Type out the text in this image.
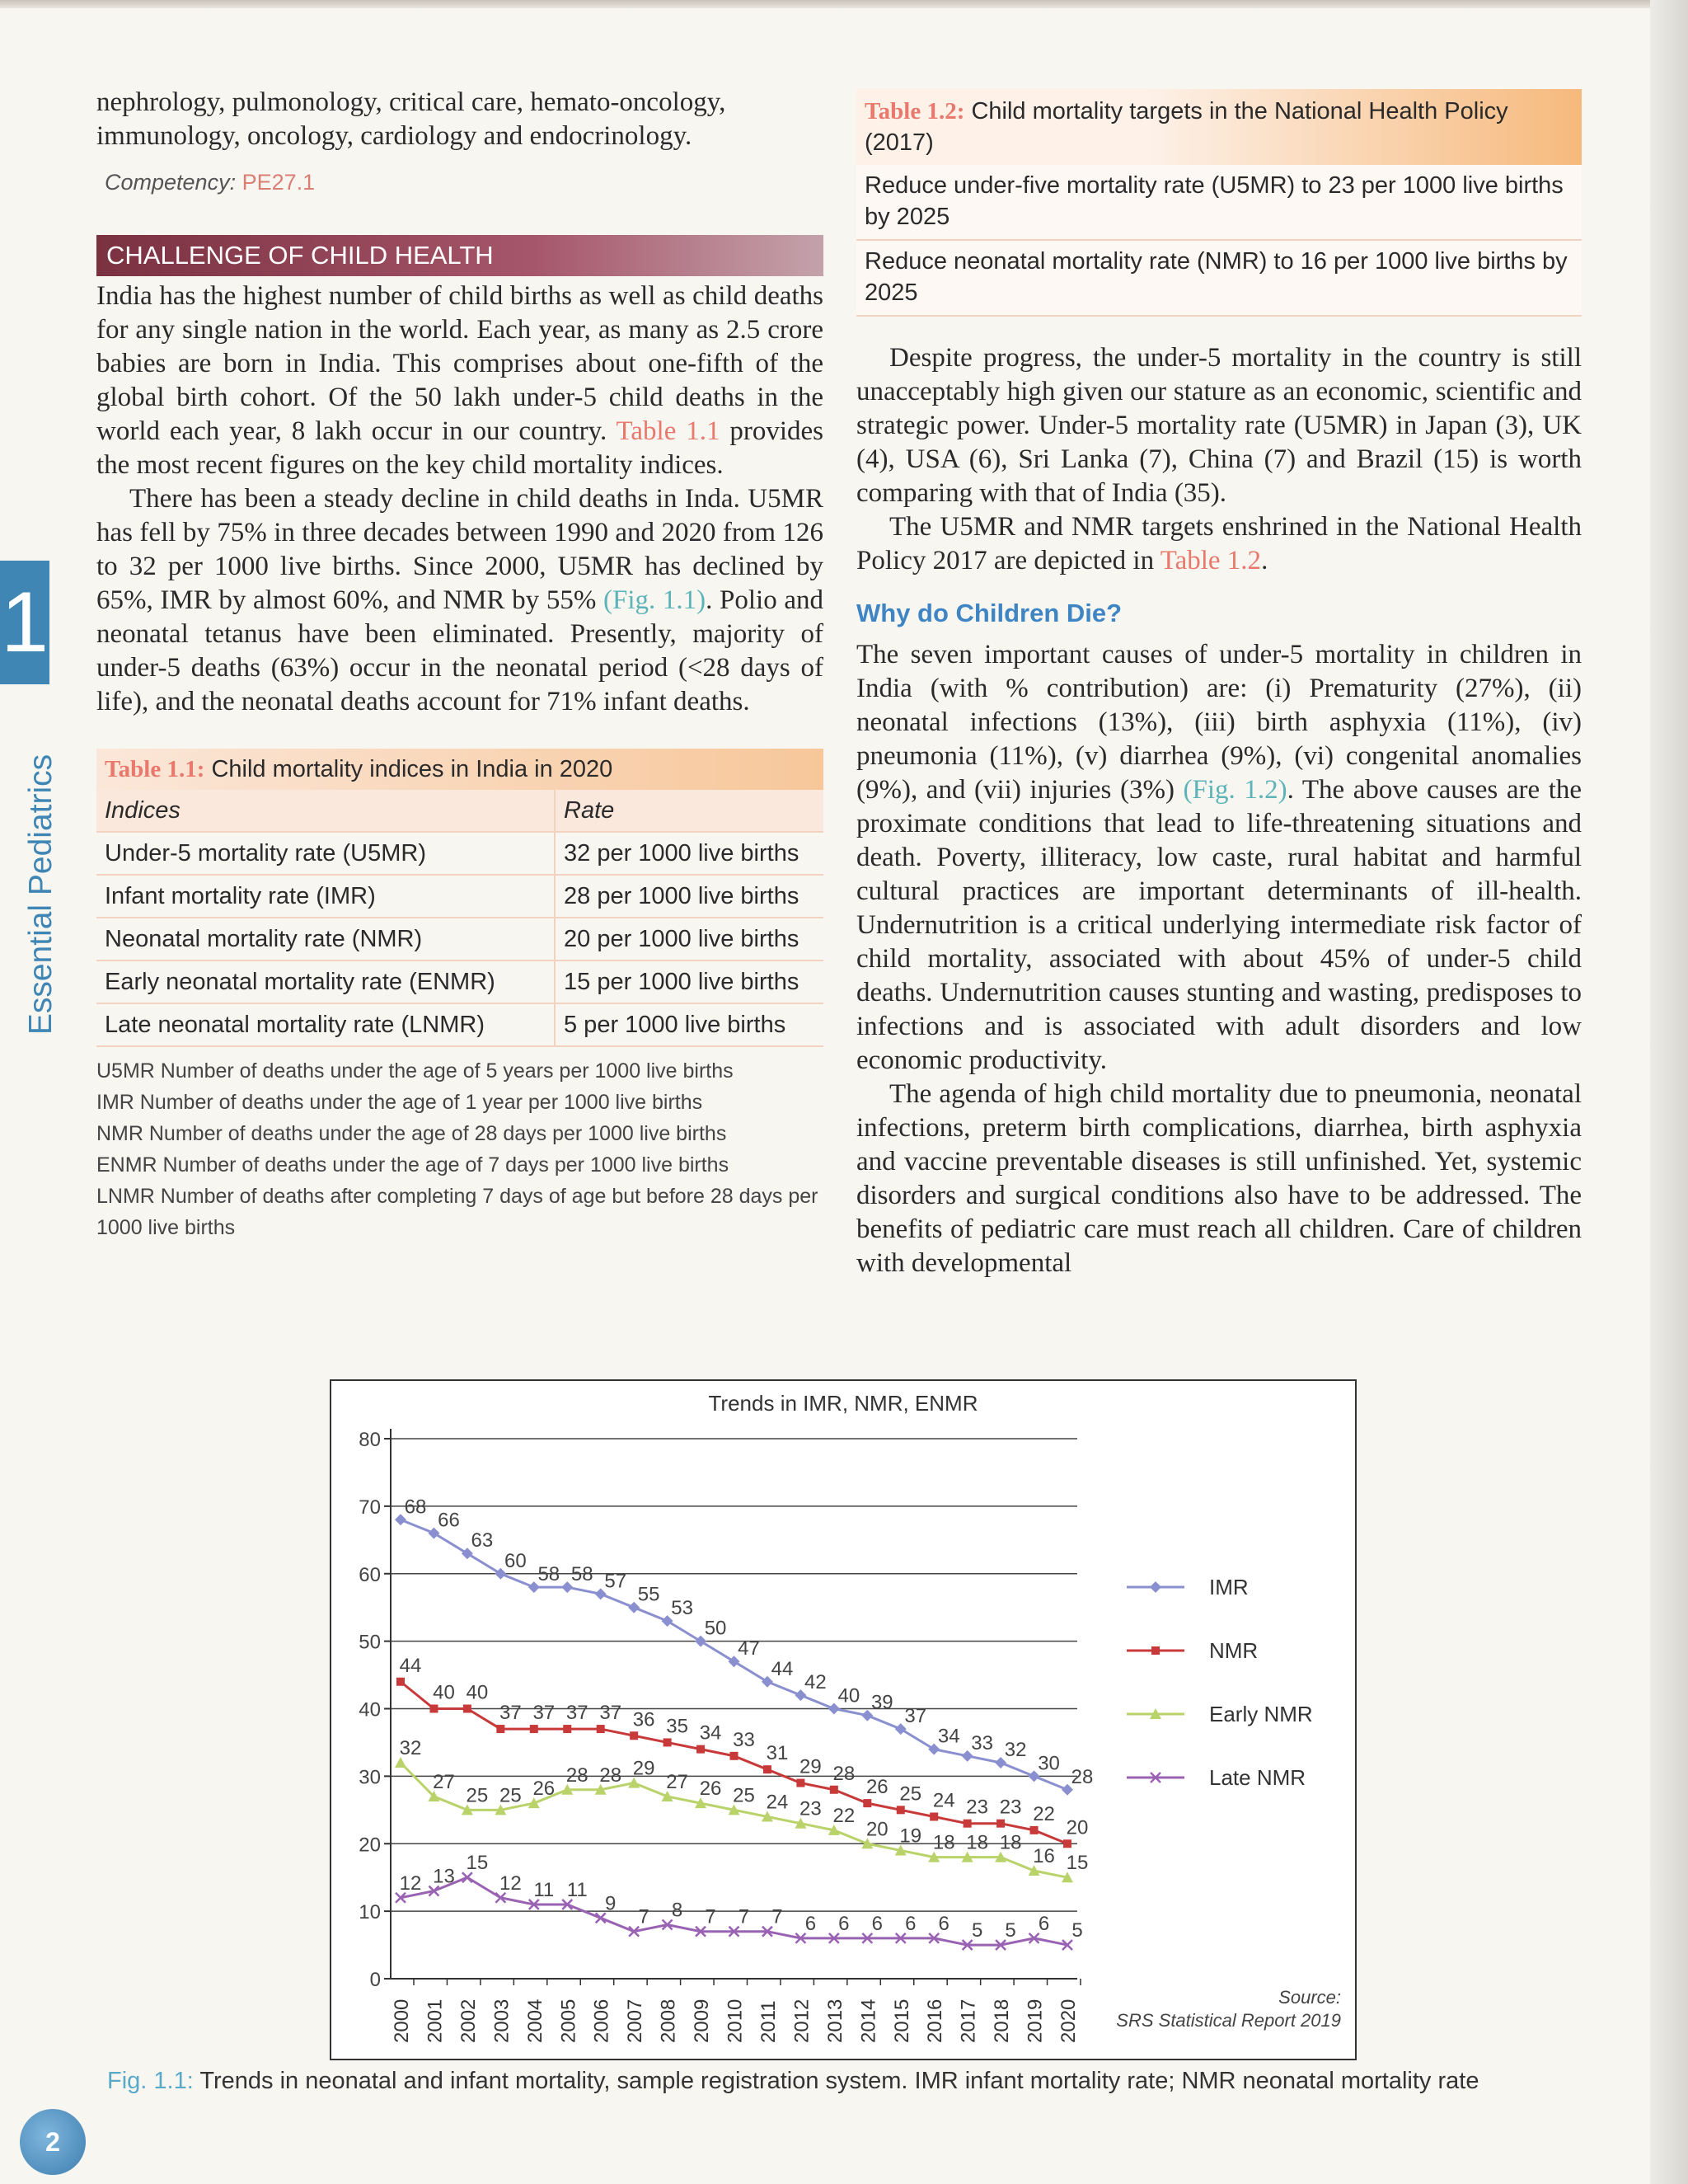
1
Essential Pediatrics

nephrology, pulmonology, critical care, hemato-oncology, immunology, oncology, cardiology and endocrinology.

Competency: PE27.1
CHALLENGE OF CHILD HEALTH

India has the highest number of child births as well as child deaths for any single nation in the world. Each year, as many as 2.5 crore babies are born in India. This comprises about one-fifth of the global birth cohort. Of the 50 lakh under-5 child deaths in the world each year, 8 lakh occur in our country. Table 1.1 provides the most recent figures on the key child mortality indices.

There has been a steady decline in child deaths in Inda. U5MR has fell by 75% in three decades between 1990 and 2020 from 126 to 32 per 1000 live births. Since 2000, U5MR has declined by 65%, IMR by almost 60%, and NMR by 55% (Fig. 1.1). Polio and neonatal tetanus have been eliminated. Presently, majority of under-5 deaths (63%) occur in the neonatal period (<28 days of life), and the neonatal deaths account for 71% infant deaths.

Table 1.1: Child mortality indices in India in 2020
Indices	Rate
Under-5 mortality rate (U5MR)	32 per 1000 live births
Infant mortality rate (IMR)	28 per 1000 live births
Neonatal mortality rate (NMR)	20 per 1000 live births
Early neonatal mortality rate (ENMR)	15 per 1000 live births
Late neonatal mortality rate (LNMR)	5 per 1000 live births

U5MR Number of deaths under the age of 5 years per 1000 live births

IMR Number of deaths under the age of 1 year per 1000 live births

NMR Number of deaths under the age of 28 days per 1000 live births

ENMR Number of deaths under the age of 7 days per 1000 live births

LNMR Number of deaths after completing 7 days of age but before 28 days per 1000 live births

Table 1.2: Child mortality targets in the National Health Policy (2017)
Reduce under-five mortality rate (U5MR) to 23 per 1000 live births by 2025
Reduce neonatal mortality rate (NMR) to 16 per 1000 live births by 2025

Despite progress, the under-5 mortality in the country is still unacceptably high given our stature as an economic, scientific and strategic power. Under-5 mortality rate (U5MR) in Japan (3), UK (4), USA (6), Sri Lanka (7), China (7) and Brazil (15) is worth comparing with that of India (35).

The U5MR and NMR targets enshrined in the National Health Policy 2017 are depicted in Table 1.2.

Why do Children Die?

The seven important causes of under-5 mortality in children in India (with % contribution) are: (i) Prematurity (27%), (ii) neonatal infections (13%), (iii) birth asphyxia (11%), (iv) pneumonia (11%), (v) diarrhea (9%), (vi) congenital anomalies (9%), and (vii) injuries (3%) (Fig. 1.2). The above causes are the proximate conditions that lead to life-threatening situations and death. Poverty, illiteracy, low caste, rural habitat and harmful cultural practices are important determinants of ill-health. Undernutrition is a critical underlying intermediate risk factor of child mortality, associated with about 45% of under-5 child deaths. Undernutrition causes stunting and wasting, predisposes to infections and is associated with adult disorders and low economic productivity.

The agenda of high child mortality due to pneumonia, neonatal infections, preterm birth complications, diarrhea, birth asphyxia and vaccine preventable diseases is still unfinished. Yet, systemic disorders and surgical conditions also have to be addressed. The benefits of pediatric care must reach all children. Care of children with developmental

Trends in IMR, NMR, ENMR
0
10
20
30
40
50
60
70
80
2000 2001 2002 2003 2004 2005 2006 2007 2008 2009 2010 2011 2012 2013 2014 2015 2016 2017 2018 2019 2020
68
66
63
60
58 58 57
55
53
50
47
44
42
40 39
37
34 33 32
30
28
44
40 40
37 37 37 37 36 35 34 33
31
29 28
26 25 24 23 23 22
20
32
27
25 25 26
28 28 29
27 26 25 24 23 22
20 19 18 18 18
16 15
12 13
15
12 11 11
9
7 8 7 7 7 6 6 6 6 6 5 5 6 5
IMR
NMR
Early NMR
Late NMR
Source:
SRS Statistical Report 2019
Fig. 1.1: Trends in neonatal and infant mortality, sample registration system. IMR infant mortality rate; NMR neonatal mortality rate
2
